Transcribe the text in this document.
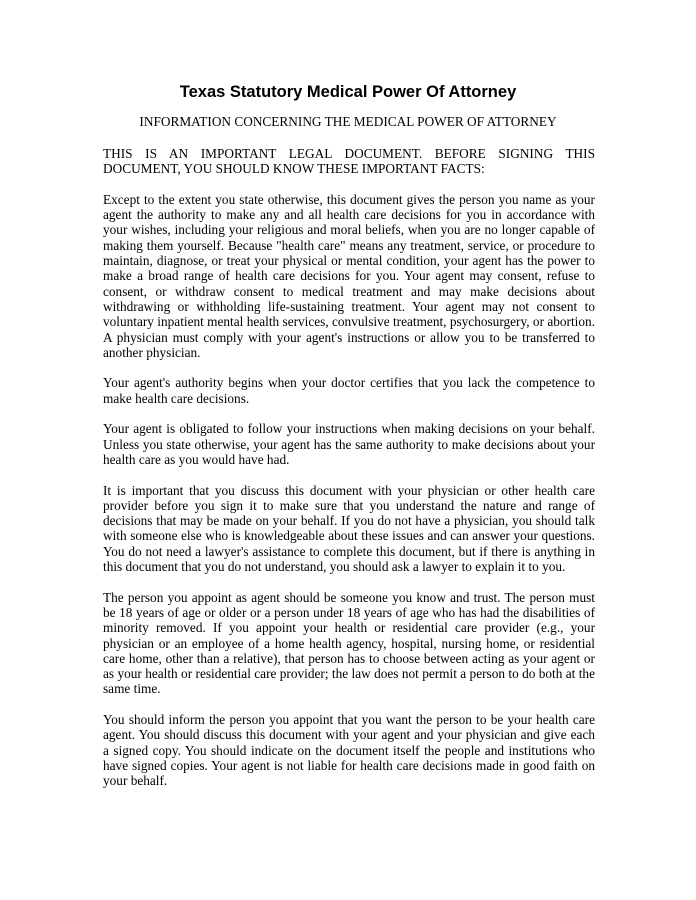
Texas Statutory Medical Power Of Attorney
INFORMATION CONCERNING THE MEDICAL POWER OF ATTORNEY

THIS IS AN IMPORTANT LEGAL DOCUMENT. BEFORE SIGNING THIS DOCUMENT, YOU SHOULD KNOW THESE IMPORTANT FACTS:

Except to the extent you state otherwise, this document gives the person you name as your agent the authority to make any and all health care decisions for you in accordance with your wishes, including your religious and moral beliefs, when you are no longer capable of making them yourself. Because "health care" means any treatment, service, or procedure to maintain, diagnose, or treat your physical or mental condition, your agent has the power to make a broad range of health care decisions for you. Your agent may consent, refuse to consent, or withdraw consent to medical treatment and may make decisions about withdrawing or withholding life-sustaining treatment. Your agent may not consent to voluntary inpatient mental health services, convulsive treatment, psychosurgery, or abortion. A physician must comply with your agent's instructions or allow you to be transferred to another physician.

Your agent's authority begins when your doctor certifies that you lack the competence to make health care decisions.

Your agent is obligated to follow your instructions when making decisions on your behalf. Unless you state otherwise, your agent has the same authority to make decisions about your health care as you would have had.

It is important that you discuss this document with your physician or other health care provider before you sign it to make sure that you understand the nature and range of decisions that may be made on your behalf. If you do not have a physician, you should talk with someone else who is knowledgeable about these issues and can answer your questions. You do not need a lawyer's assistance to complete this document, but if there is anything in this document that you do not understand, you should ask a lawyer to explain it to you.

The person you appoint as agent should be someone you know and trust. The person must be 18 years of age or older or a person under 18 years of age who has had the disabilities of minority removed. If you appoint your health or residential care provider (e.g., your physician or an employee of a home health agency, hospital, nursing home, or residential care home, other than a relative), that person has to choose between acting as your agent or as your health or residential care provider; the law does not permit a person to do both at the same time.

You should inform the person you appoint that you want the person to be your health care agent. You should discuss this document with your agent and your physician and give each a signed copy. You should indicate on the document itself the people and institutions who have signed copies. Your agent is not liable for health care decisions made in good faith on your behalf.
